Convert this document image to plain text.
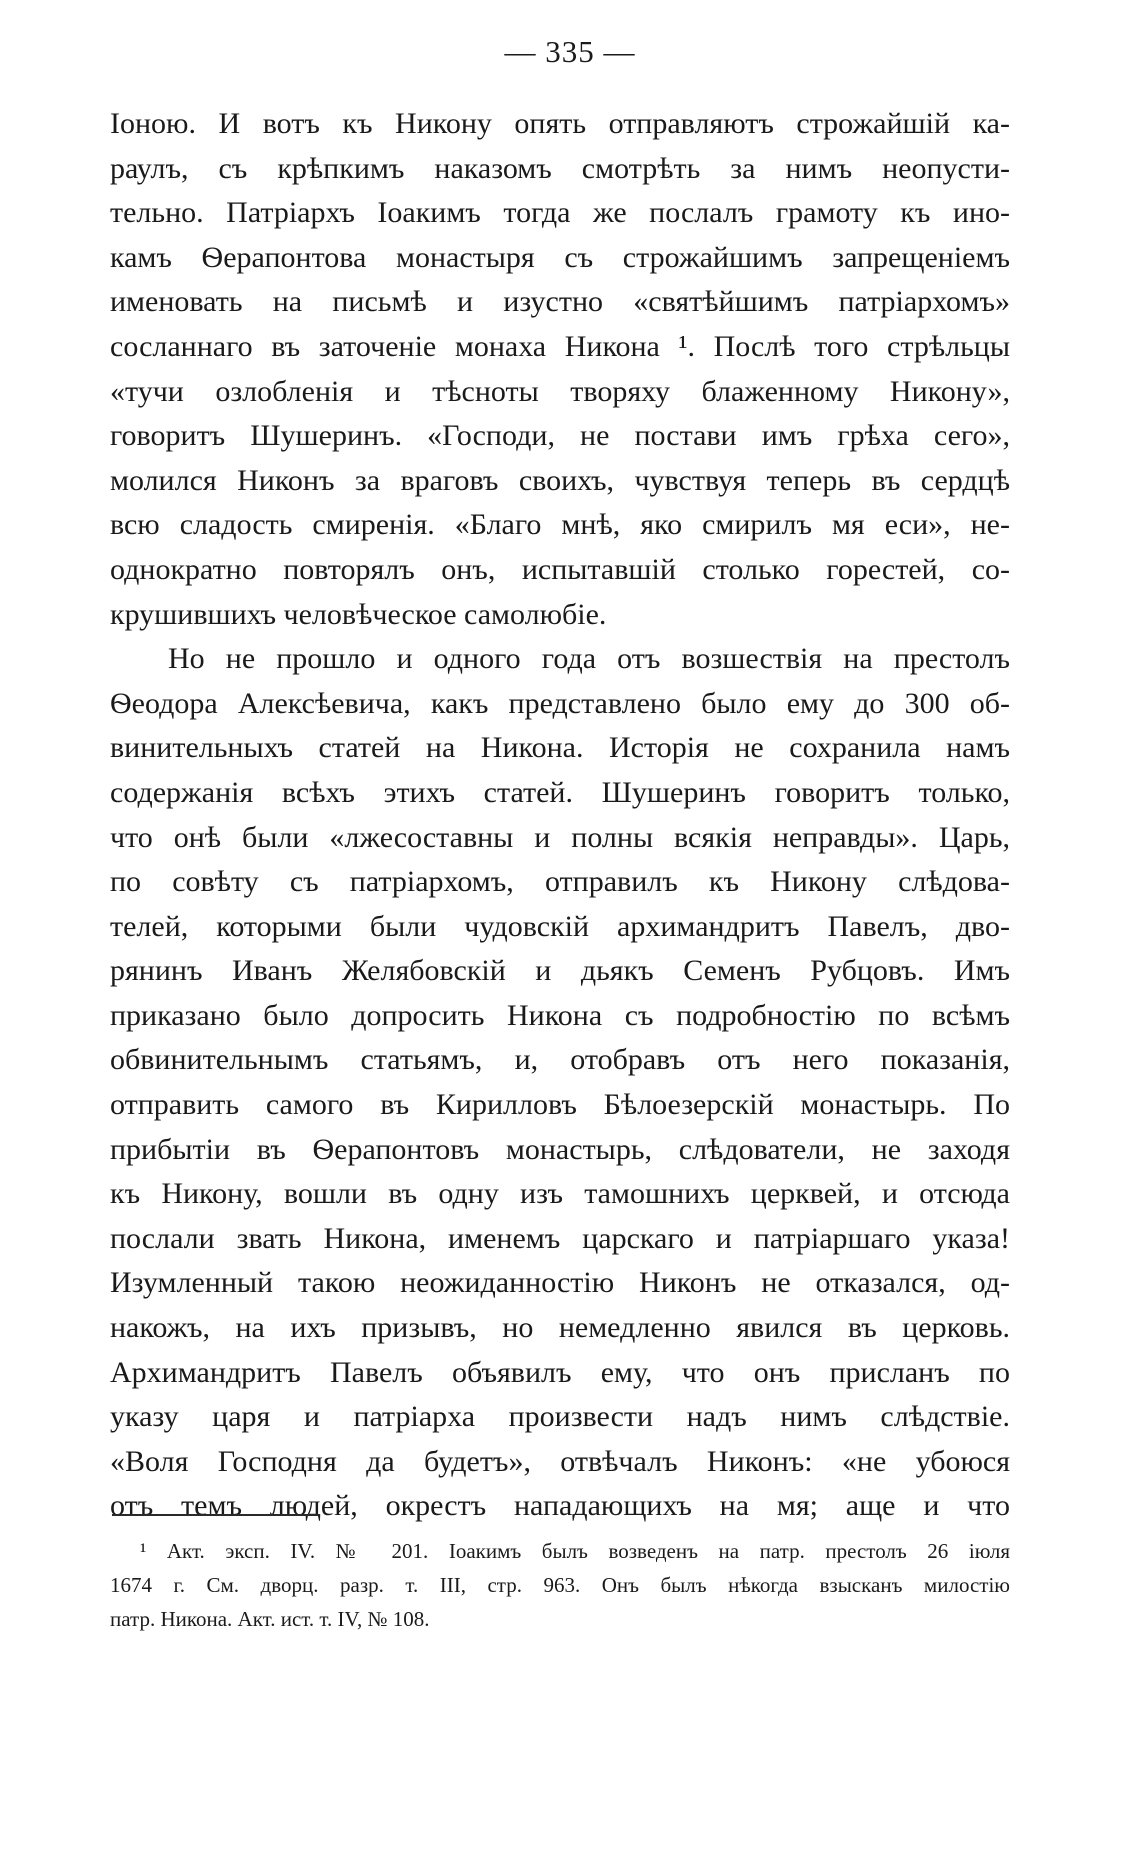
— 335 —
Іоною. И вотъ къ Никону опять отправляютъ строжайшій ка-
раулъ, съ крѣпкимъ наказомъ смотрѣть за нимъ неопусти-
тельно. Патріархъ Іоакимъ тогда же послалъ грамоту къ ино-
камъ Ѳерапонтова монастыря съ строжайшимъ запрещеніемъ
именовать на письмѣ и изустно «святѣйшимъ патріархомъ»
сосланнаго въ заточеніе монаха Никона ¹. Послѣ того стрѣльцы
«тучи озлобленія и тѣсноты творяху блаженному Никону»,
говоритъ Шушеринъ. «Господи, не постави имъ грѣха сего»,
молился Никонъ за враговъ своихъ, чувствуя теперь въ сердцѣ
всю сладость смиренія. «Благо мнѣ, яко смирилъ мя еси», не-
однократно повторялъ онъ, испытавшій столько горестей, со-
крушившихъ человѣческое самолюбіе.
Но не прошло и одного года отъ возшествія на престолъ
Ѳеодора Алексѣевича, какъ представлено было ему до 300 об-
винительныхъ статей на Никона. Исторія не сохранила намъ
содержанія всѣхъ этихъ статей. Шушеринъ говоритъ только,
что онѣ были «лжесоставны и полны всякія неправды». Царь,
по совѣту съ патріархомъ, отправилъ къ Никону слѣдова-
телей, которыми были чудовскій архимандритъ Павелъ, дво-
рянинъ Иванъ Желябовскій и дьякъ Семенъ Рубцовъ. Имъ
приказано было допросить Никона съ подробностію по всѣмъ
обвинительнымъ статьямъ, и, отобравъ отъ него показанія,
отправить самого въ Кирилловъ Бѣлоезерскій монастырь. По
прибытіи въ Ѳерапонтовъ монастырь, слѣдователи, не заходя
къ Никону, вошли въ одну изъ тамошнихъ церквей, и отсюда
послали звать Никона, именемъ царскаго и патріаршаго указа!
Изумленный такою неожиданностію Никонъ не отказался, од-
накожъ, на ихъ призывъ, но немедленно явился въ церковь.
Архимандритъ Павелъ объявилъ ему, что онъ присланъ по
указу царя и патріарха произвести надъ нимъ слѣдствіе.
«Воля Господня да будетъ», отвѣчалъ Никонъ: «не убоюся
отъ темъ людей, окрестъ нападающихъ на мя; аще и что
¹ Акт. эксп. IV. № 201. Іоакимъ былъ возведенъ на патр. престолъ 26 іюля
1674 г. См. дворц. разр. т. III, стр. 963. Онъ былъ нѣкогда взысканъ милостію
патр. Никона. Акт. ист. т. IV, № 108.
